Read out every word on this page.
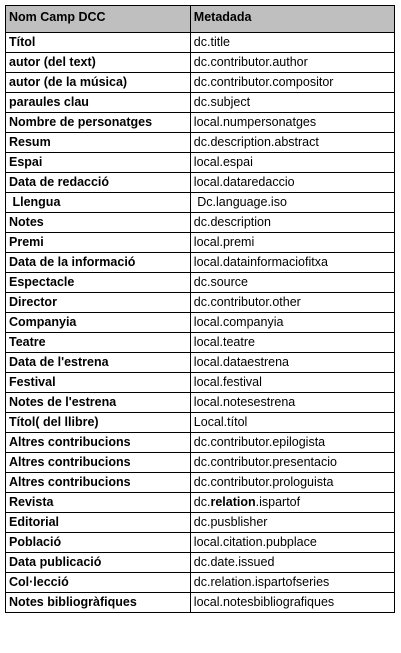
Nom Camp DCC	Metadada
Títol	dc.title
autor (del text)	dc.contributor.author
autor (de la música)	dc.contributor.compositor
paraules clau	dc.subject
Nombre de personatges	local.numpersonatges
Resum	dc.description.abstract
Espai	local.espai
Data de redacció	local.dataredaccio
Llengua	Dc.language.iso
Notes	dc.description
Premi	local.premi
Data de la informació	local.datainformaciofitxa
Espectacle	dc.source
Director	dc.contributor.other
Companyia	local.companyia
Teatre	local.teatre
Data de l'estrena	local.dataestrena
Festival	local.festival
Notes de l'estrena	local.notesestrena
Títol( del llibre)	Local.títol
Altres contribucions	dc.contributor.epilogista
Altres contribucions	dc.contributor.presentacio
Altres contribucions	dc.contributor.prologuista
Revista	dc.relation.ispartof
Editorial	dc.pusblisher
Població	local.citation.pubplace
Data publicació	dc.date.issued
Col·lecció	dc.relation.ispartofseries
Notes bibliogràfiques	local.notesbibliografiques
